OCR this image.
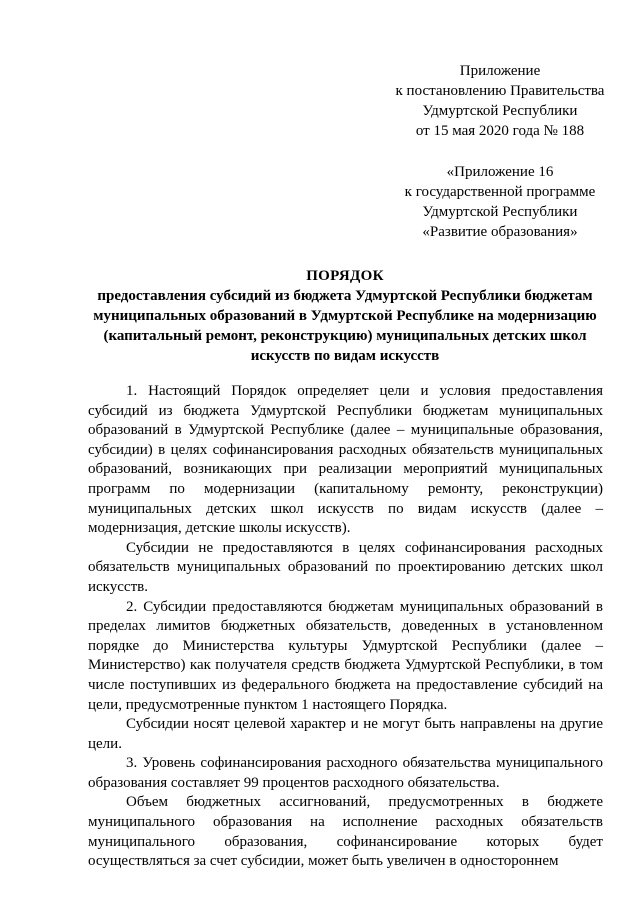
Приложение
к постановлению Правительства
Удмуртской Республики
от 15 мая 2020 года № 188
«Приложение 16
к государственной программе
Удмуртской Республики
«Развитие образования»
ПОРЯДОК
предоставления субсидий из бюджета Удмуртской Республики бюджетам
муниципальных образований в Удмуртской Республике на модернизацию
(капитальный ремонт, реконструкцию) муниципальных детских школ
искусств по видам искусств

1. Настоящий Порядок определяет цели и условия предоставления субсидий из бюджета Удмуртской Республики бюджетам муниципальных образований в Удмуртской Республике (далее – муниципальные образования, субсидии) в целях софинансирования расходных обязательств муниципальных образований, возникающих при реализации мероприятий муниципальных программ по модернизации (капитальному ремонту, реконструкции) муниципальных детских школ искусств по видам искусств (далее – модернизация, детские школы искусств).

Субсидии не предоставляются в целях софинансирования расходных обязательств муниципальных образований по проектированию детских школ искусств.

2. Субсидии предоставляются бюджетам муниципальных образований в пределах лимитов бюджетных обязательств, доведенных в установленном порядке до Министерства культуры Удмуртской Республики (далее – Министерство) как получателя средств бюджета Удмуртской Республики, в том числе поступивших из федерального бюджета на предоставление субсидий на цели, предусмотренные пунктом 1 настоящего Порядка.

Субсидии носят целевой характер и не могут быть направлены на другие цели.

3. Уровень софинансирования расходного обязательства муниципального образования составляет 99 процентов расходного обязательства.

Объем бюджетных ассигнований, предусмотренных в бюджете муниципального образования на исполнение расходных обязательств муниципального образования, софинансирование которых будет осуществляться за счет субсидии, может быть увеличен в одностороннем
